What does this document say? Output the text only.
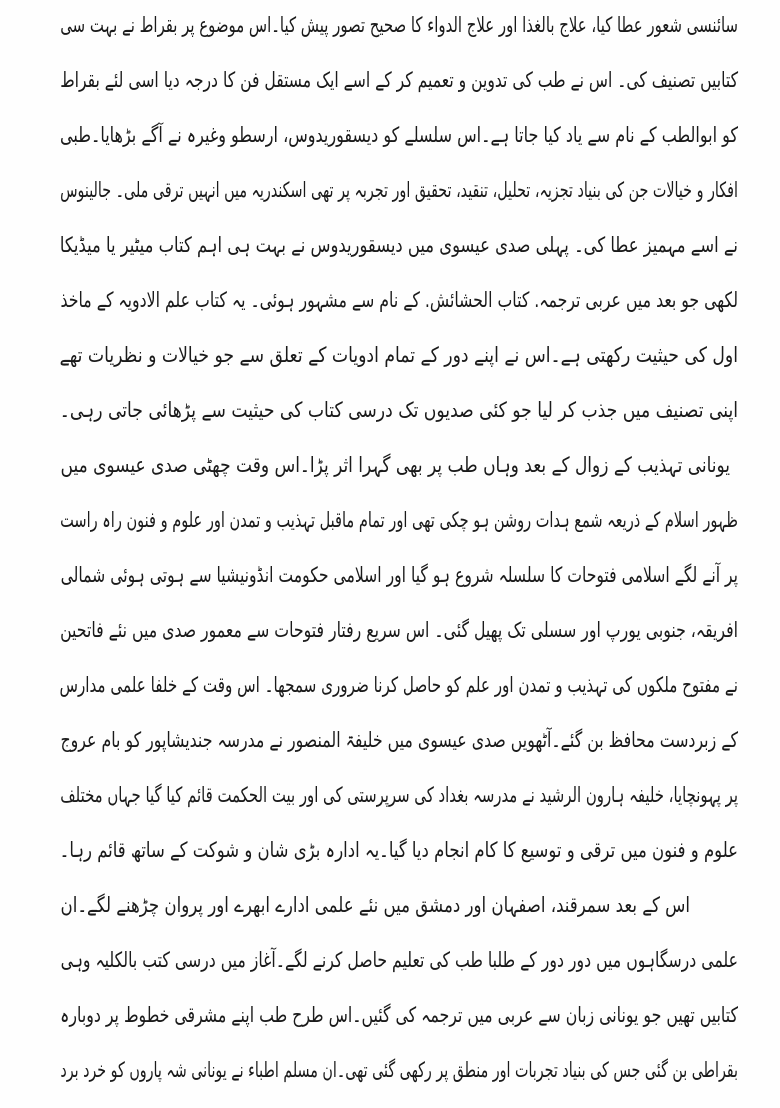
سائنسی شعور عطا کیا، علاج بالغذا اور علاج الدواء کا صحیح تصور پیش کیا۔اس موضوع پر بقراط نے بہت سی
کتابیں تصنیف کی۔ اس نے طب کی تدوین و تعمیم کر کے اسے ایک مستقل فن کا درجہ دیا اسی لئے بقراط
کو ابوالطب کے نام سے یاد کیا جاتا ہے۔اس سلسلے کو دیسقوریدوس، ارسطو وغیرہ نے آگے بڑھایا۔طبی
افکار و خیالات جن کی بنیاد تجزیہ، تحلیل، تنقید، تحقیق اور تجربہ پر تھی اسکندریہ میں انہیں ترقی ملی۔ جالینوس
نے اسے مہمیز عطا کی۔ پہلی صدی عیسوی میں دیسقوریدوس نے بہت ہی اہم کتاب میٹیر یا میڈیکا
لکھی جو بعد میں عربی ترجمہ. کتاب الحشائش. کے نام سے مشہور ہوئی۔ یہ کتاب علم الادویہ کے ماخذ
اول کی حیثیت رکھتی ہے۔اس نے اپنے دور کے تمام ادویات کے تعلق سے جو خیالات و نظریات تھے
اپنی تصنیف میں جذب کر لیا جو کئی صدیوں تک درسی کتاب کی حیثیت سے پڑھائی جاتی رہی۔
یونانی تہذیب کے زوال کے بعد وہاں طب پر بھی گہرا اثر پڑا۔اس وقت چھٹی صدی عیسوی میں
ظہور اسلام کے ذریعہ شمع ہدات روشن ہو چکی تھی اور تمام ماقبل تہذیب و تمدن اور علوم و فنون راہ راست
پر آنے لگے اسلامی فتوحات کا سلسلہ شروع ہو گیا اور اسلامی حکومت انڈونیشیا سے ہوتی ہوئی شمالی
افریقہ، جنوبی یورپ اور سسلی تک پھیل گئی۔ اس سریع رفتار فتوحات سے معمور صدی میں نئے فاتحین
نے مفتوح ملکوں کی تہذیب و تمدن اور علم کو حاصل کرنا ضروری سمجھا۔ اس وقت کے خلفا علمی مدارس
کے زبردست محافظ بن گئے۔آٹھویں صدی عیسوی میں خلیفۃ المنصور نے مدرسہ جندیشاپور کو بام عروج
پر پہونچایا، خلیفہ ہارون الرشید نے مدرسہ بغداد کی سرپرستی کی اور بیت الحکمت قائم کیا گیا جہاں مختلف
علوم و فنون میں ترقی و توسیع کا کام انجام دیا گیا۔یہ ادارہ بڑی شان و شوکت کے ساتھ قائم رہا۔
اس کے بعد سمرقند، اصفہان اور دمشق میں نئے علمی ادارے ابھرے اور پروان چڑھنے لگے۔ان
علمی درسگاہوں میں دور دور کے طلبا طب کی تعلیم حاصل کرنے لگے۔آغاز میں درسی کتب بالکلیہ وہی
کتابیں تھیں جو یونانی زبان سے عربی میں ترجمہ کی گئیں۔اس طرح طب اپنے مشرقی خطوط پر دوبارہ
بقراطی بن گئی جس کی بنیاد تجربات اور منطق پر رکھی گئی تھی۔ان مسلم اطباء نے یونانی شہ پاروں کو خرد برد
